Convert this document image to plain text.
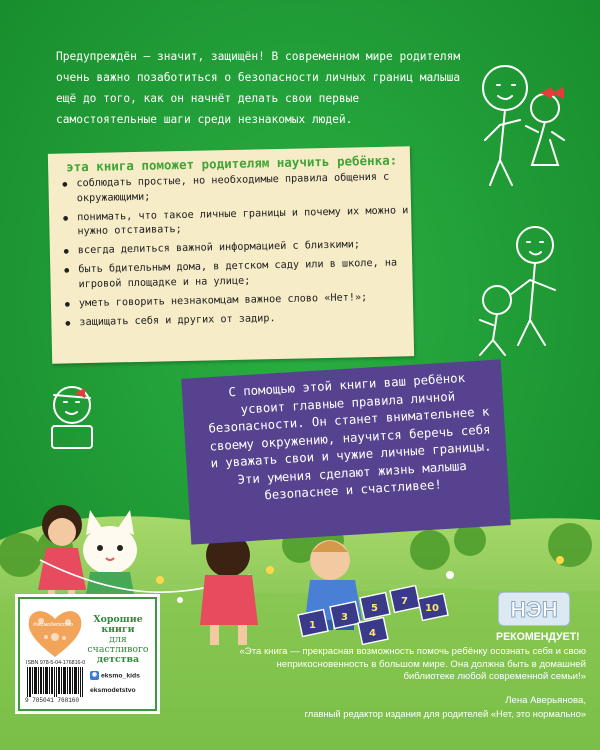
1
3
5
7
4
10

Предупреждён – значит, защищён! В современном мире родителям очень важно позаботиться о безопасности личных границ малыша ещё до того, как он начнёт делать свои первые самостоятельные шаги среди незнакомых людей.

эта книга поможет родителям научить ребёнка:

● соблюдать простые, но необходимые правила общения с окружающими;
● понимать, что такое личные границы и почему их можно и нужно отстаивать;
● всегда делиться важной информацией с близкими;
● быть бдительным дома, в детском саду или в школе, на игровой площадке и на улице;
● уметь говорить незнакомцам важное слово «Нет!»;
● защищать себя и других от задир.

С помощью этой книги ваш ребёнок усвоит главные правила личной безопасности. Он станет внимательнее к своему окружению, научится беречь себя и уважать свои и чужие личные границы. Эти умения сделают жизнь малыша безопаснее и счастливее!

#эксмодетство	Хорошие
книги
для счастливого
детства
ISBN 978-5-04-176816-0
9 785041 768160
◉ eksmo_kids
eksmodetstvo
НЭН
РЕКОМЕНДУЕТ!

«Эта книга — прекрасная возможность помочь ребёнку осознать себя и свою неприкосновенность в большом мире. Она должна быть в домашней библиотеке любой современной семьи!»

Лена Аверьянова,
главный редактор издания для родителей «Нет, это нормально»
